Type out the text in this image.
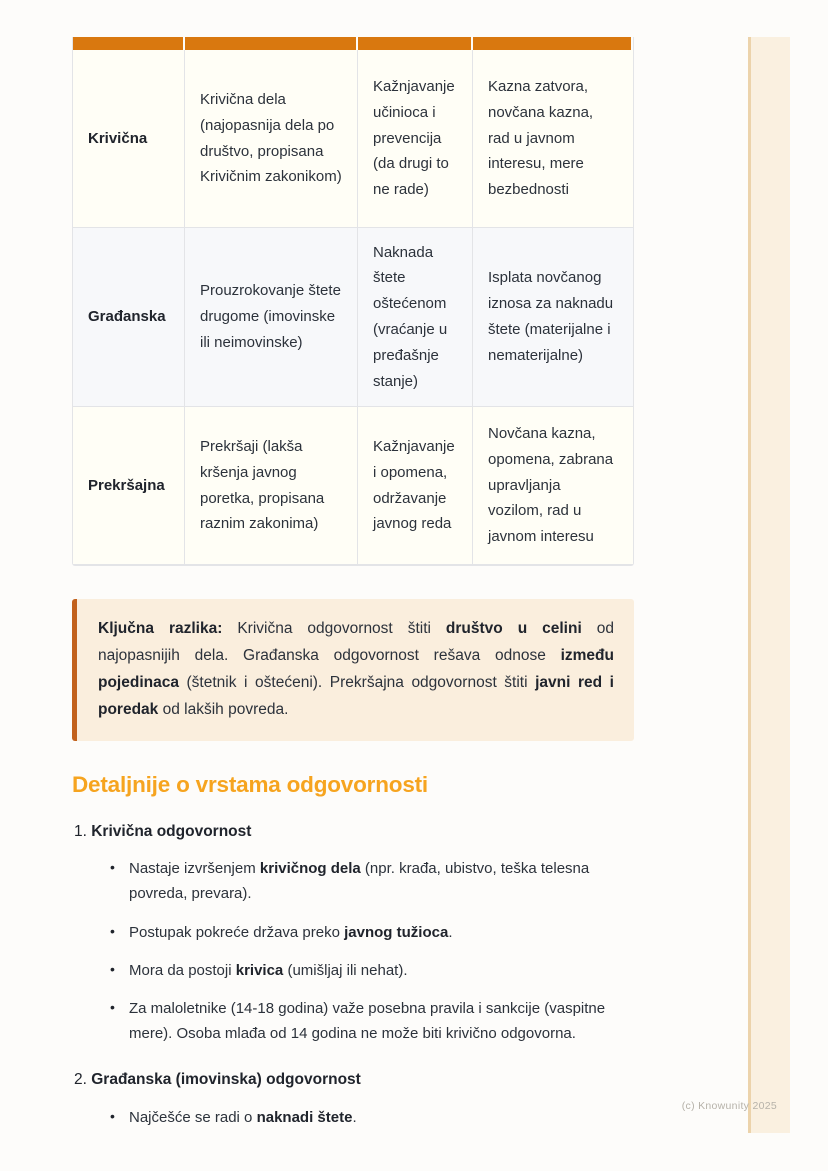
Krivična
Krivična dela (najopasnija dela po društvo, propisana Krivičnim zakonikom)
Kažnjavanje učinioca i prevencija (da drugi to ne rade)
Kazna zatvora, novčana kazna, rad u javnom interesu, mere bezbednosti
Građanska
Prouzrokovanje štete drugome (imovinske ili neimovinske)
Naknada štete oštećenom (vraćanje u pređašnje stanje)
Isplata novčanog iznosa za naknadu štete (materijalne i nematerijalne)
Prekršajna
Prekršaji (lakša kršenja javnog poretka, propisana raznim zakonima)
Kažnjavanje i opomena, održavanje javnog reda
Novčana kazna, opomena, zabrana upravljanja vozilom, rad u javnom interesu
Ključna razlika: Krivična odgovornost štiti društvo u celini od najopasnijih dela. Građanska odgovornost rešava odnose između pojedinaca (štetnik i oštećeni). Prekršajna odgovornost štiti javni red i poredak od lakših povreda.
Detaljnije o vrstama odgovornosti
1. Krivična odgovornost
• Nastaje izvršenjem krivičnog dela (npr. krađa, ubistvo, teška telesna povreda, prevara).
• Postupak pokreće država preko javnog tužioca.
• Mora da postoji krivica (umišljaj ili nehat).
• Za maloletnike (14-18 godina) važe posebna pravila i sankcije (vaspitne mere). Osoba mlađa od 14 godina ne može biti krivično odgovorna.
2. Građanska (imovinska) odgovornost
• Najčešće se radi o naknadi štete.
(c) Knowunity 2025
